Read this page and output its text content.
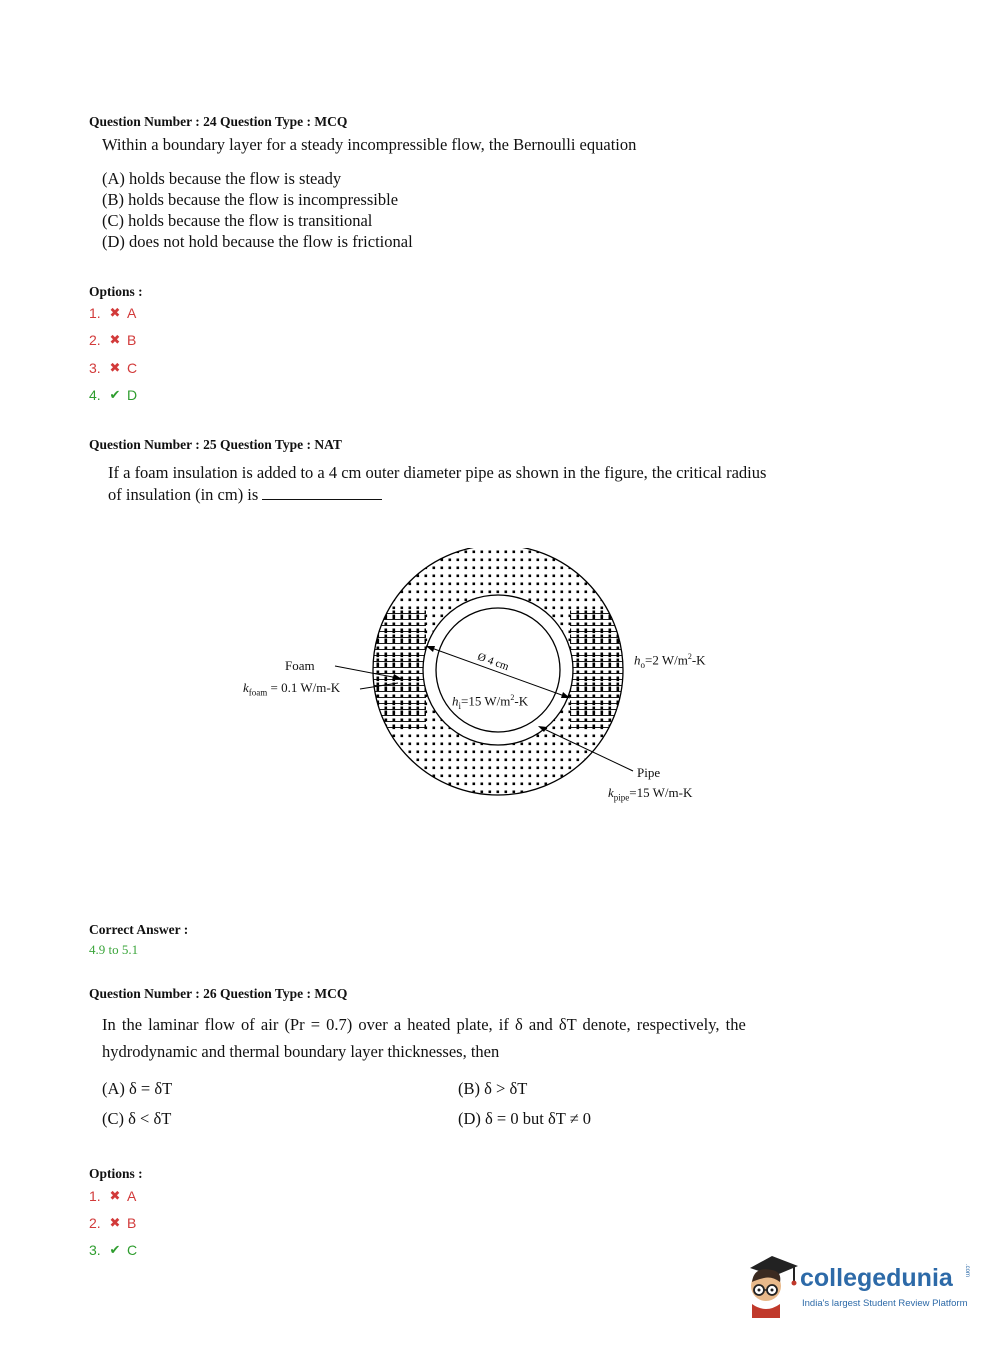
Question Number : 24 Question Type : MCQ
Within a boundary layer for a steady incompressible flow, the Bernoulli equation
(A) holds because the flow is steady
(B) holds because the flow is incompressible
(C) holds because the flow is transitional
(D) does not hold because the flow is frictional
Options :
1. ✖ A
2. ✖ B
3. ✖ C
4. ✔ D
Question Number : 25 Question Type : NAT
If a foam insulation is added to a 4 cm outer diameter pipe as shown in the figure, the critical radius
of insulation (in cm) is
Ø 4 cm
Foam
$k_{foam} = 0.1$ W/m-K
$h_i=15$ $W/m^2-K$
$h_o=2$ $W/m^2-K$
Pipe
$k_{pipe}=15$ W/m-K
Correct Answer :
4.9 to 5.1
Question Number : 26 Question Type : MCQ
In the laminar flow of air (Pr = 0.7) over a heated plate, if δ and δT denote, respectively, the
hydrodynamic and thermal boundary layer thicknesses, then
(A) δ = δT	(B) δ > δT
(C) δ < δT	(D) δ = 0 but δT ≠ 0
Options :
1. ✖ A
2. ✖ B
3. ✔ C
collegedunia .com
India's largest Student Review Platform
